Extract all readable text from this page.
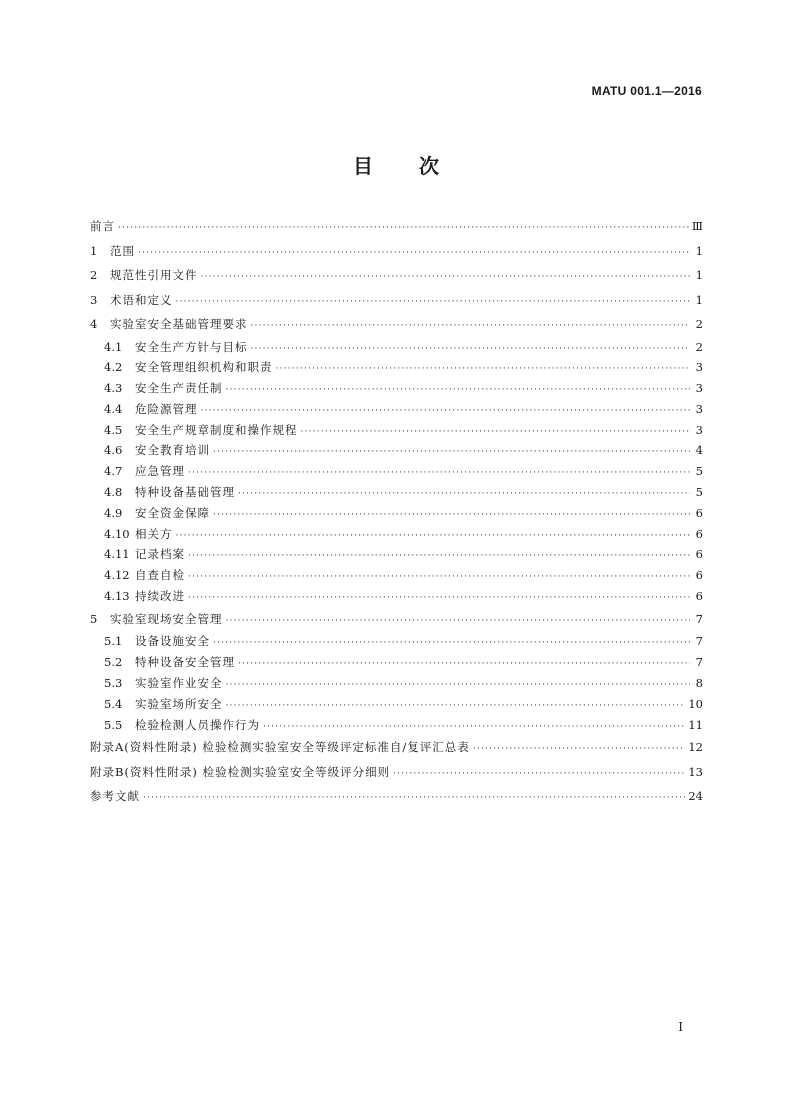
MATU 001.1—2016
目 次
前言 ·····	Ⅲ
1	范围 ·····	1
2	规范性引用文件 ·····	1
3	术语和定义 ·····	1
4	实验室安全基础管理要求 ·····	2
4.1	安全生产方针与目标 ·····	2
4.2	安全管理组织机构和职责 ·····	3
4.3	安全生产责任制 ·····	3
4.4	危险源管理 ·····	3
4.5	安全生产规章制度和操作规程 ·····	3
4.6	安全教育培训 ·····	4
4.7	应急管理 ·····	5
4.8	特种设备基础管理 ·····	5
4.9	安全资金保障 ·····	6
4.10 相关方 ·····	6
4.11 记录档案 ·····	6
4.12 自查自检 ·····	6
4.13 持续改进 ·····	6
5	实验室现场安全管理 ·····	7
5.1	设备设施安全 ·····	7
5.2	特种设备安全管理 ·····	7
5.3	实验室作业安全 ·····	8
5.4	实验室场所安全 ·····	10
5.5	检验检测人员操作行为 ·····	11
附录A(资料性附录) 检验检测实验室安全等级评定标准自/复评汇总表 ·····	12
附录B(资料性附录) 检验检测实验室安全等级评分细则 ·····	13
参考文献 ·····	24
I
